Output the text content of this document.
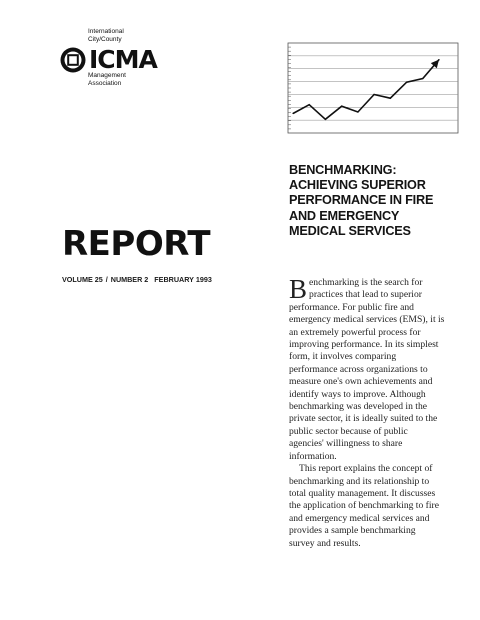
International
City/County
ICMA
Management
Association
BENCHMARKING:
ACHIEVING SUPERIOR
PERFORMANCE IN FIRE
AND EMERGENCY
MEDICAL SERVICES
REPORT
VOLUME 25 / NUMBER 2 FEBRUARY 1993	B enchmarking is the search for
practices that lead to superior
performance. For public fire and
emergency medical services (EMS), it is
an extremely powerful process for
improving performance. In its simplest
form, it involves comparing
performance across organizations to
measure one's own achievements and
identify ways to improve. Although
benchmarking was developed in the
private sector, it is ideally suited to the
public sector because of public
agencies' willingness to share
information.

This report explains the concept of
benchmarking and its relationship to
total quality management. It discusses
the application of benchmarking to fire
and emergency medical services and
provides a sample benchmarking
survey and results.
